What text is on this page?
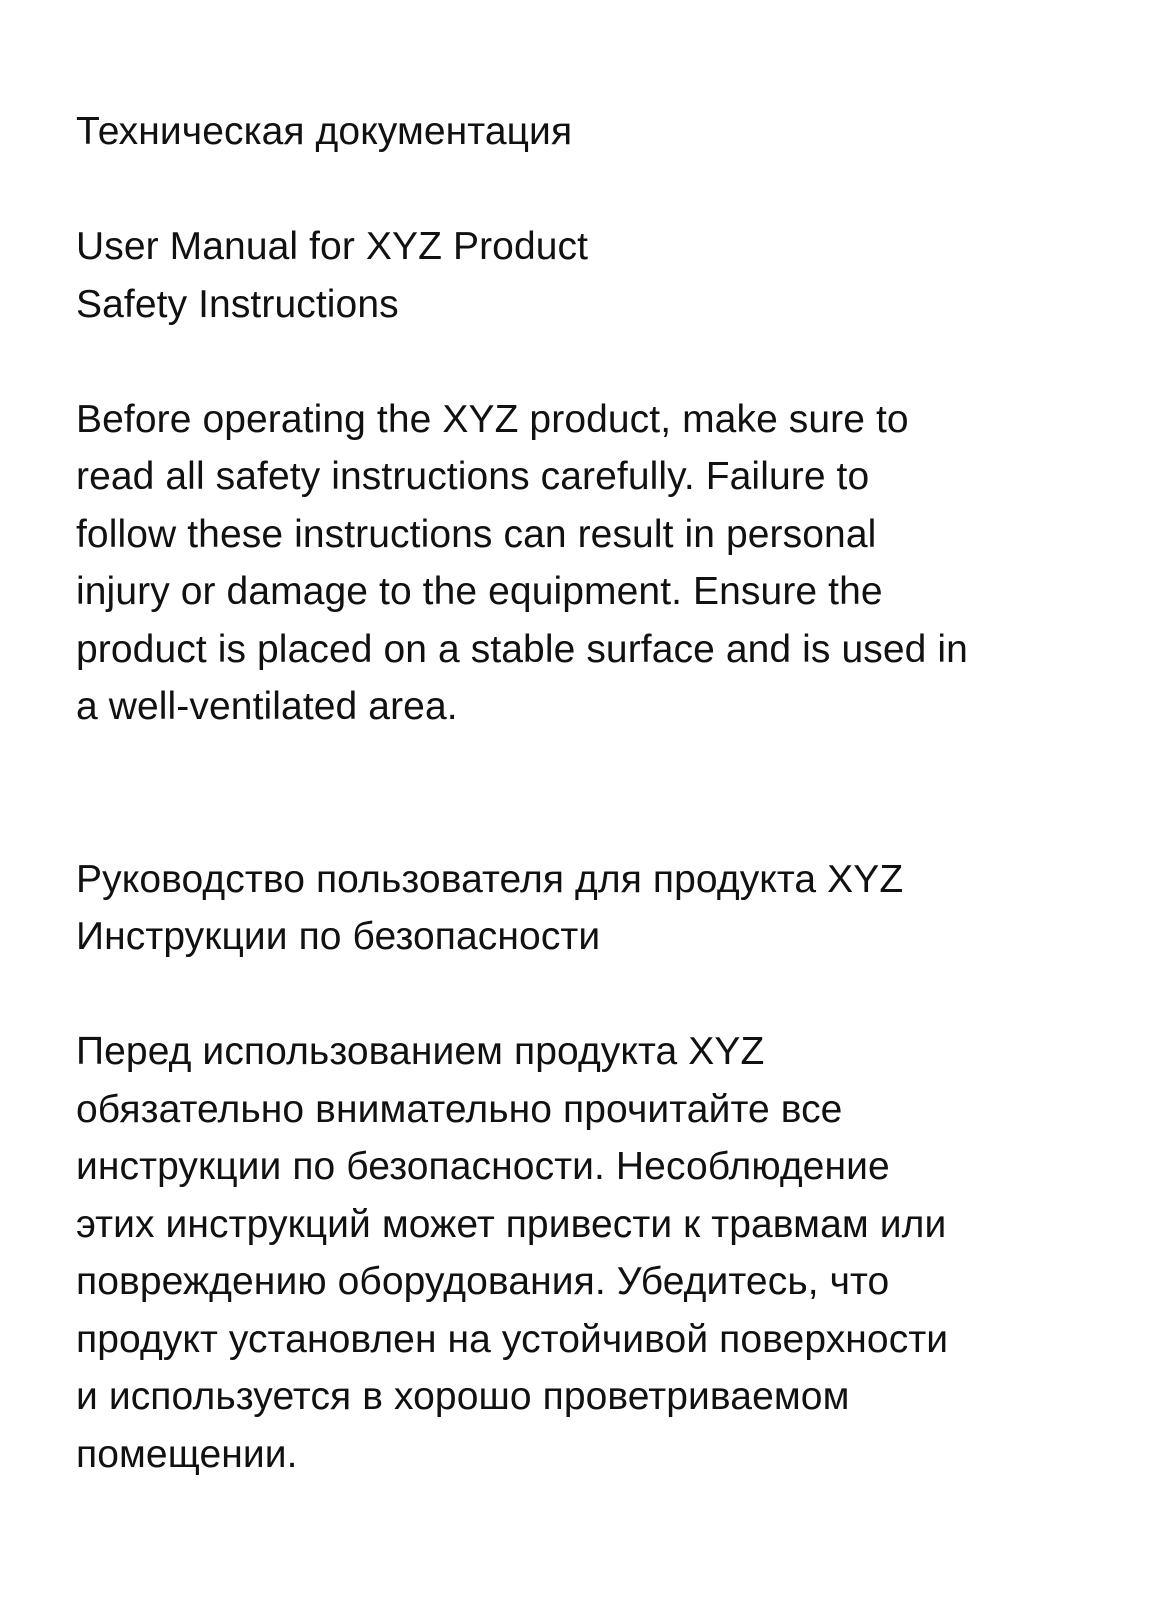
Техническая документация

User Manual for XYZ Product

Safety Instructions

Before operating the XYZ product, make sure to

read all safety instructions carefully. Failure to

follow these instructions can result in personal

injury or damage to the equipment. Ensure the

product is placed on a stable surface and is used in

a well-ventilated area.

Руководство пользователя для продукта XYZ

Инструкции по безопасности

Перед использованием продукта XYZ

обязательно внимательно прочитайте все

инструкции по безопасности. Несоблюдение

этих инструкций может привести к травмам или

повреждению оборудования. Убедитесь, что

продукт установлен на устойчивой поверхности

и используется в хорошо проветриваемом

помещении.
